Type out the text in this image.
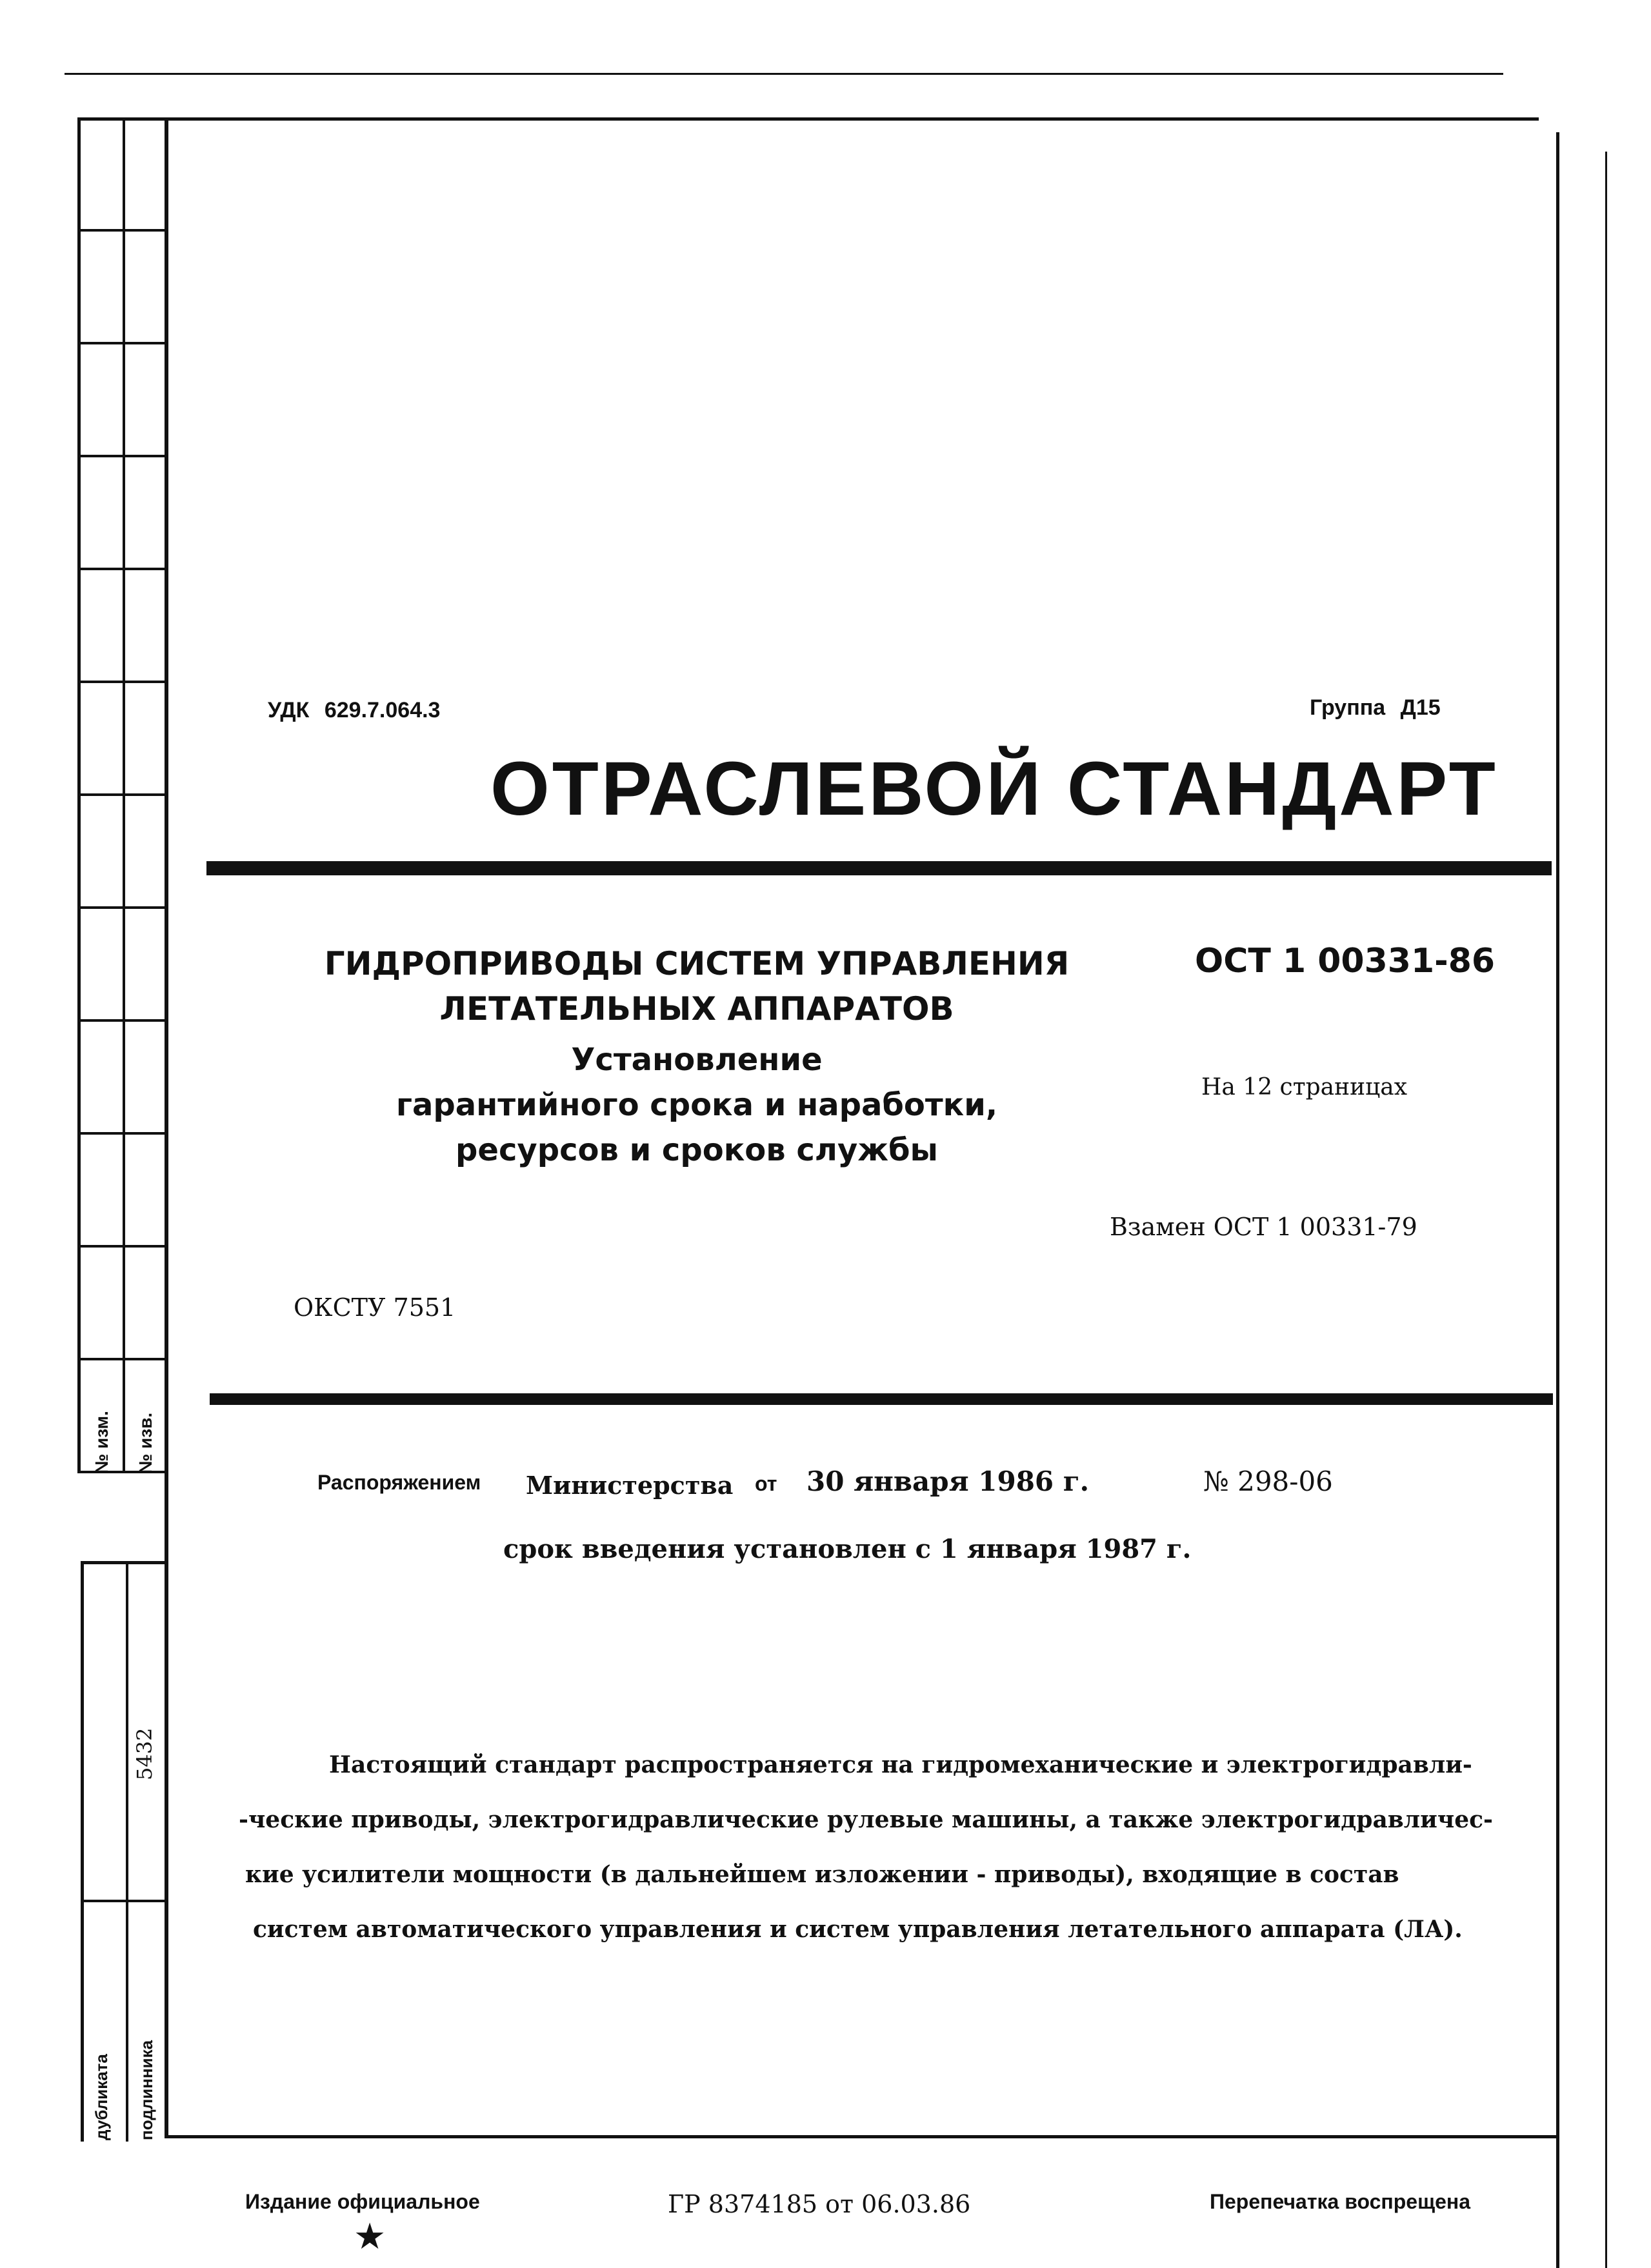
№ изм. № изв.
5432
дубликата подлинника
УДК 629.7.064.3	Группа Д15
ОТРАСЛЕВОЙ СТАНДАРТ
ГИДРОПРИВОДЫ СИСТЕМ УПРАВЛЕНИЯ
ЛЕТАТЕЛЬНЫХ АППАРАТОВ
Установление
гарантийного срока и наработки,
ресурсов и сроков службы
ОСТ 1 00331-86
На 12 страницах
Взамен ОСТ 1 00331-79
ОКСТУ 7551
Распоряжением Министерства от 30 января 1986 г.	№ 298-06
срок введения установлен с 1 января 1987 г.
Настоящий стандарт распространяется на гидромеханические и электрогидравли-
-ческие приводы, электрогидравлические рулевые машины, а также электрогидравличес-
кие усилители мощности (в дальнейшем изложении - приводы), входящие в состав
систем автоматического управления и систем управления летательного аппарата (ЛА).
Издание официальное
★
ГР 8374185 от 06.03.86	Перепечатка воспрещена
